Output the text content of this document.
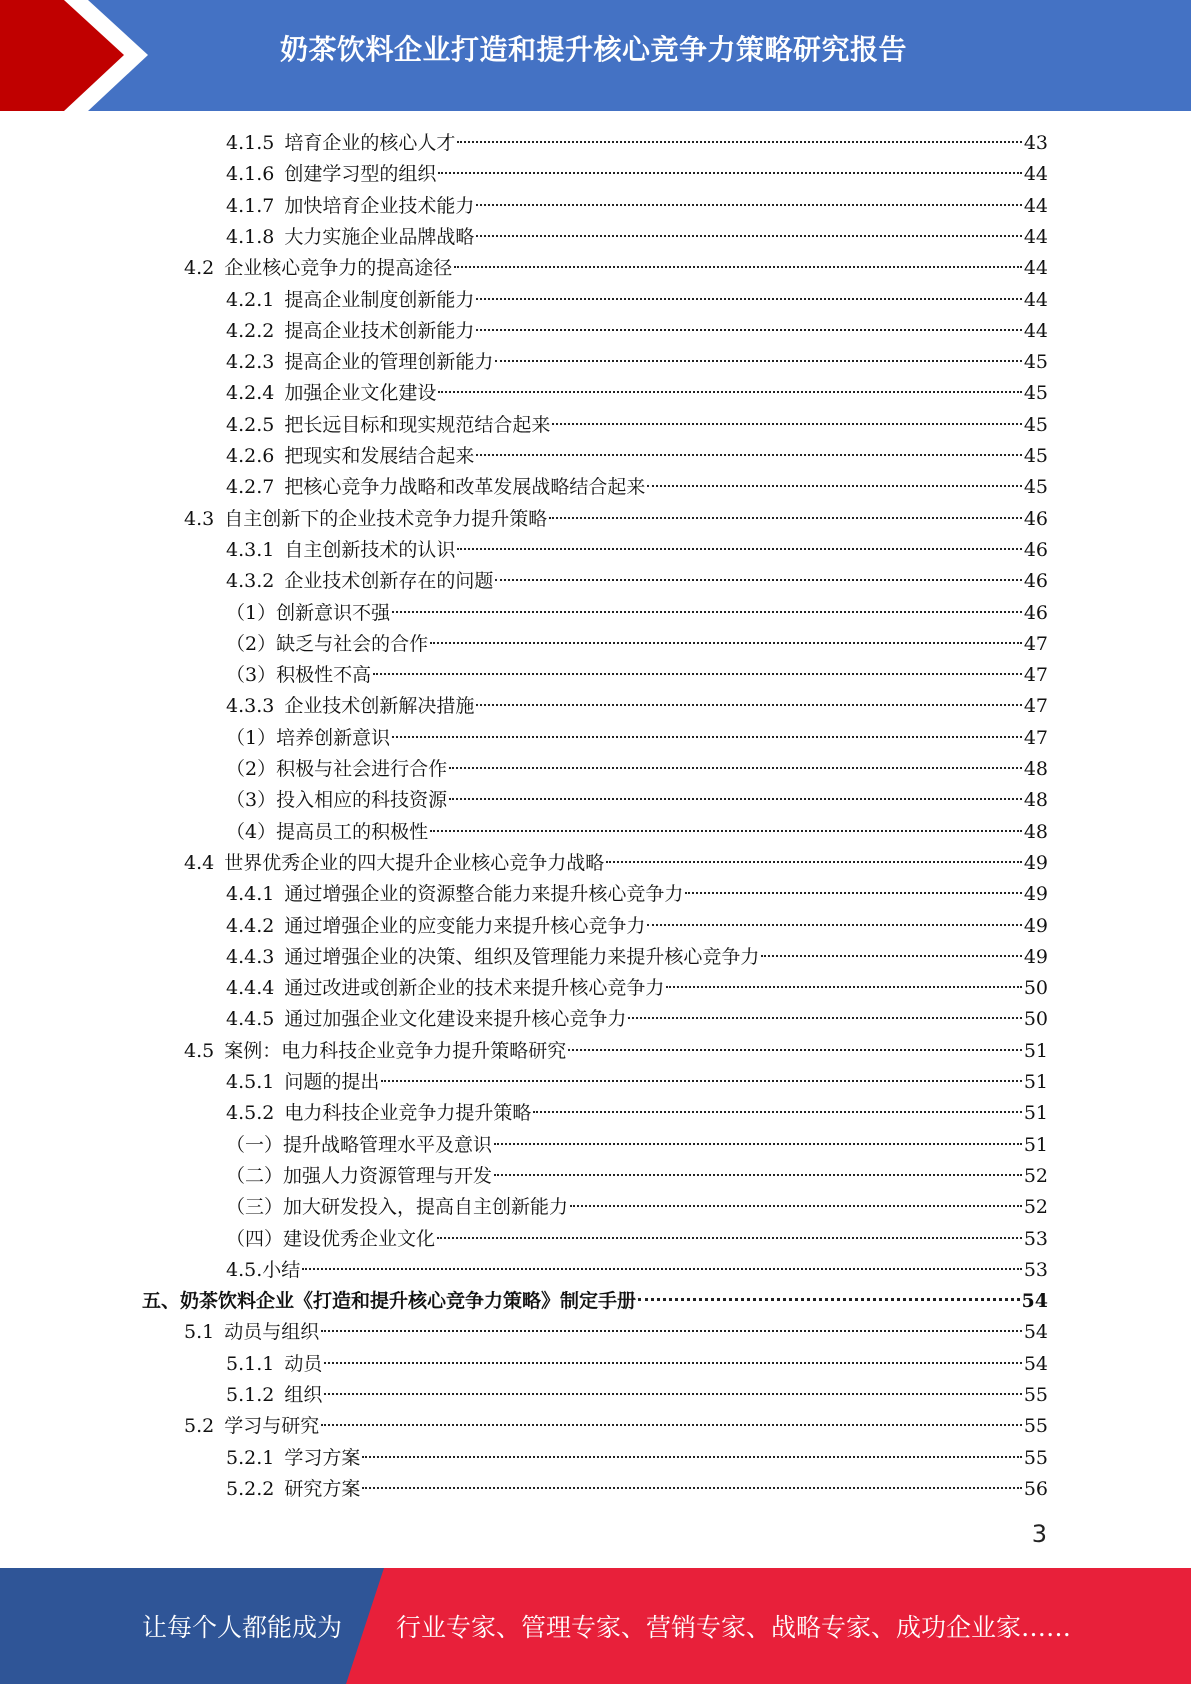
奶茶饮料企业打造和提升核心竞争力策略研究报告
4.1.5 培育企业的核心人才	43
4.1.6 创建学习型的组织	44
4.1.7 加快培育企业技术能力	44
4.1.8 大力实施企业品牌战略	44
4.2 企业核心竞争力的提高途径	44
4.2.1 提高企业制度创新能力	44
4.2.2 提高企业技术创新能力	44
4.2.3 提高企业的管理创新能力	45
4.2.4 加强企业文化建设	45
4.2.5 把长远目标和现实规范结合起来	45
4.2.6 把现实和发展结合起来	45
4.2.7 把核心竞争力战略和改革发展战略结合起来	45
4.3 自主创新下的企业技术竞争力提升策略	46
4.3.1 自主创新技术的认识	46
4.3.2 企业技术创新存在的问题	46
（1）创新意识不强	46
（2）缺乏与社会的合作	47
（3）积极性不高	47
4.3.3 企业技术创新解决措施	47
（1）培养创新意识	47
（2）积极与社会进行合作	48
（3）投入相应的科技资源	48
（4）提高员工的积极性	48
4.4 世界优秀企业的四大提升企业核心竞争力战略	49
4.4.1 通过增强企业的资源整合能力来提升核心竞争力	49
4.4.2 通过增强企业的应变能力来提升核心竞争力	49
4.4.3 通过增强企业的决策、组织及管理能力来提升核心竞争力	49
4.4.4 通过改进或创新企业的技术来提升核心竞争力	50
4.4.5 通过加强企业文化建设来提升核心竞争力	50
4.5 案例：电力科技企业竞争力提升策略研究	51
4.5.1 问题的提出	51
4.5.2 电力科技企业竞争力提升策略	51
（一）提升战略管理水平及意识	51
（二）加强人力资源管理与开发	52
（三）加大研发投入，提高自主创新能力	52
（四）建设优秀企业文化	53
4.5.小结	53
五、奶茶饮料企业《打造和提升核心竞争力策略》制定手册	54
5.1 动员与组织	54
5.1.1 动员	54
5.1.2 组织	55
5.2 学习与研究	55
5.2.1 学习方案	55
5.2.2 研究方案	56
3
让每个人都能成为 行业专家、管理专家、营销专家、战略专家、成功企业家……
